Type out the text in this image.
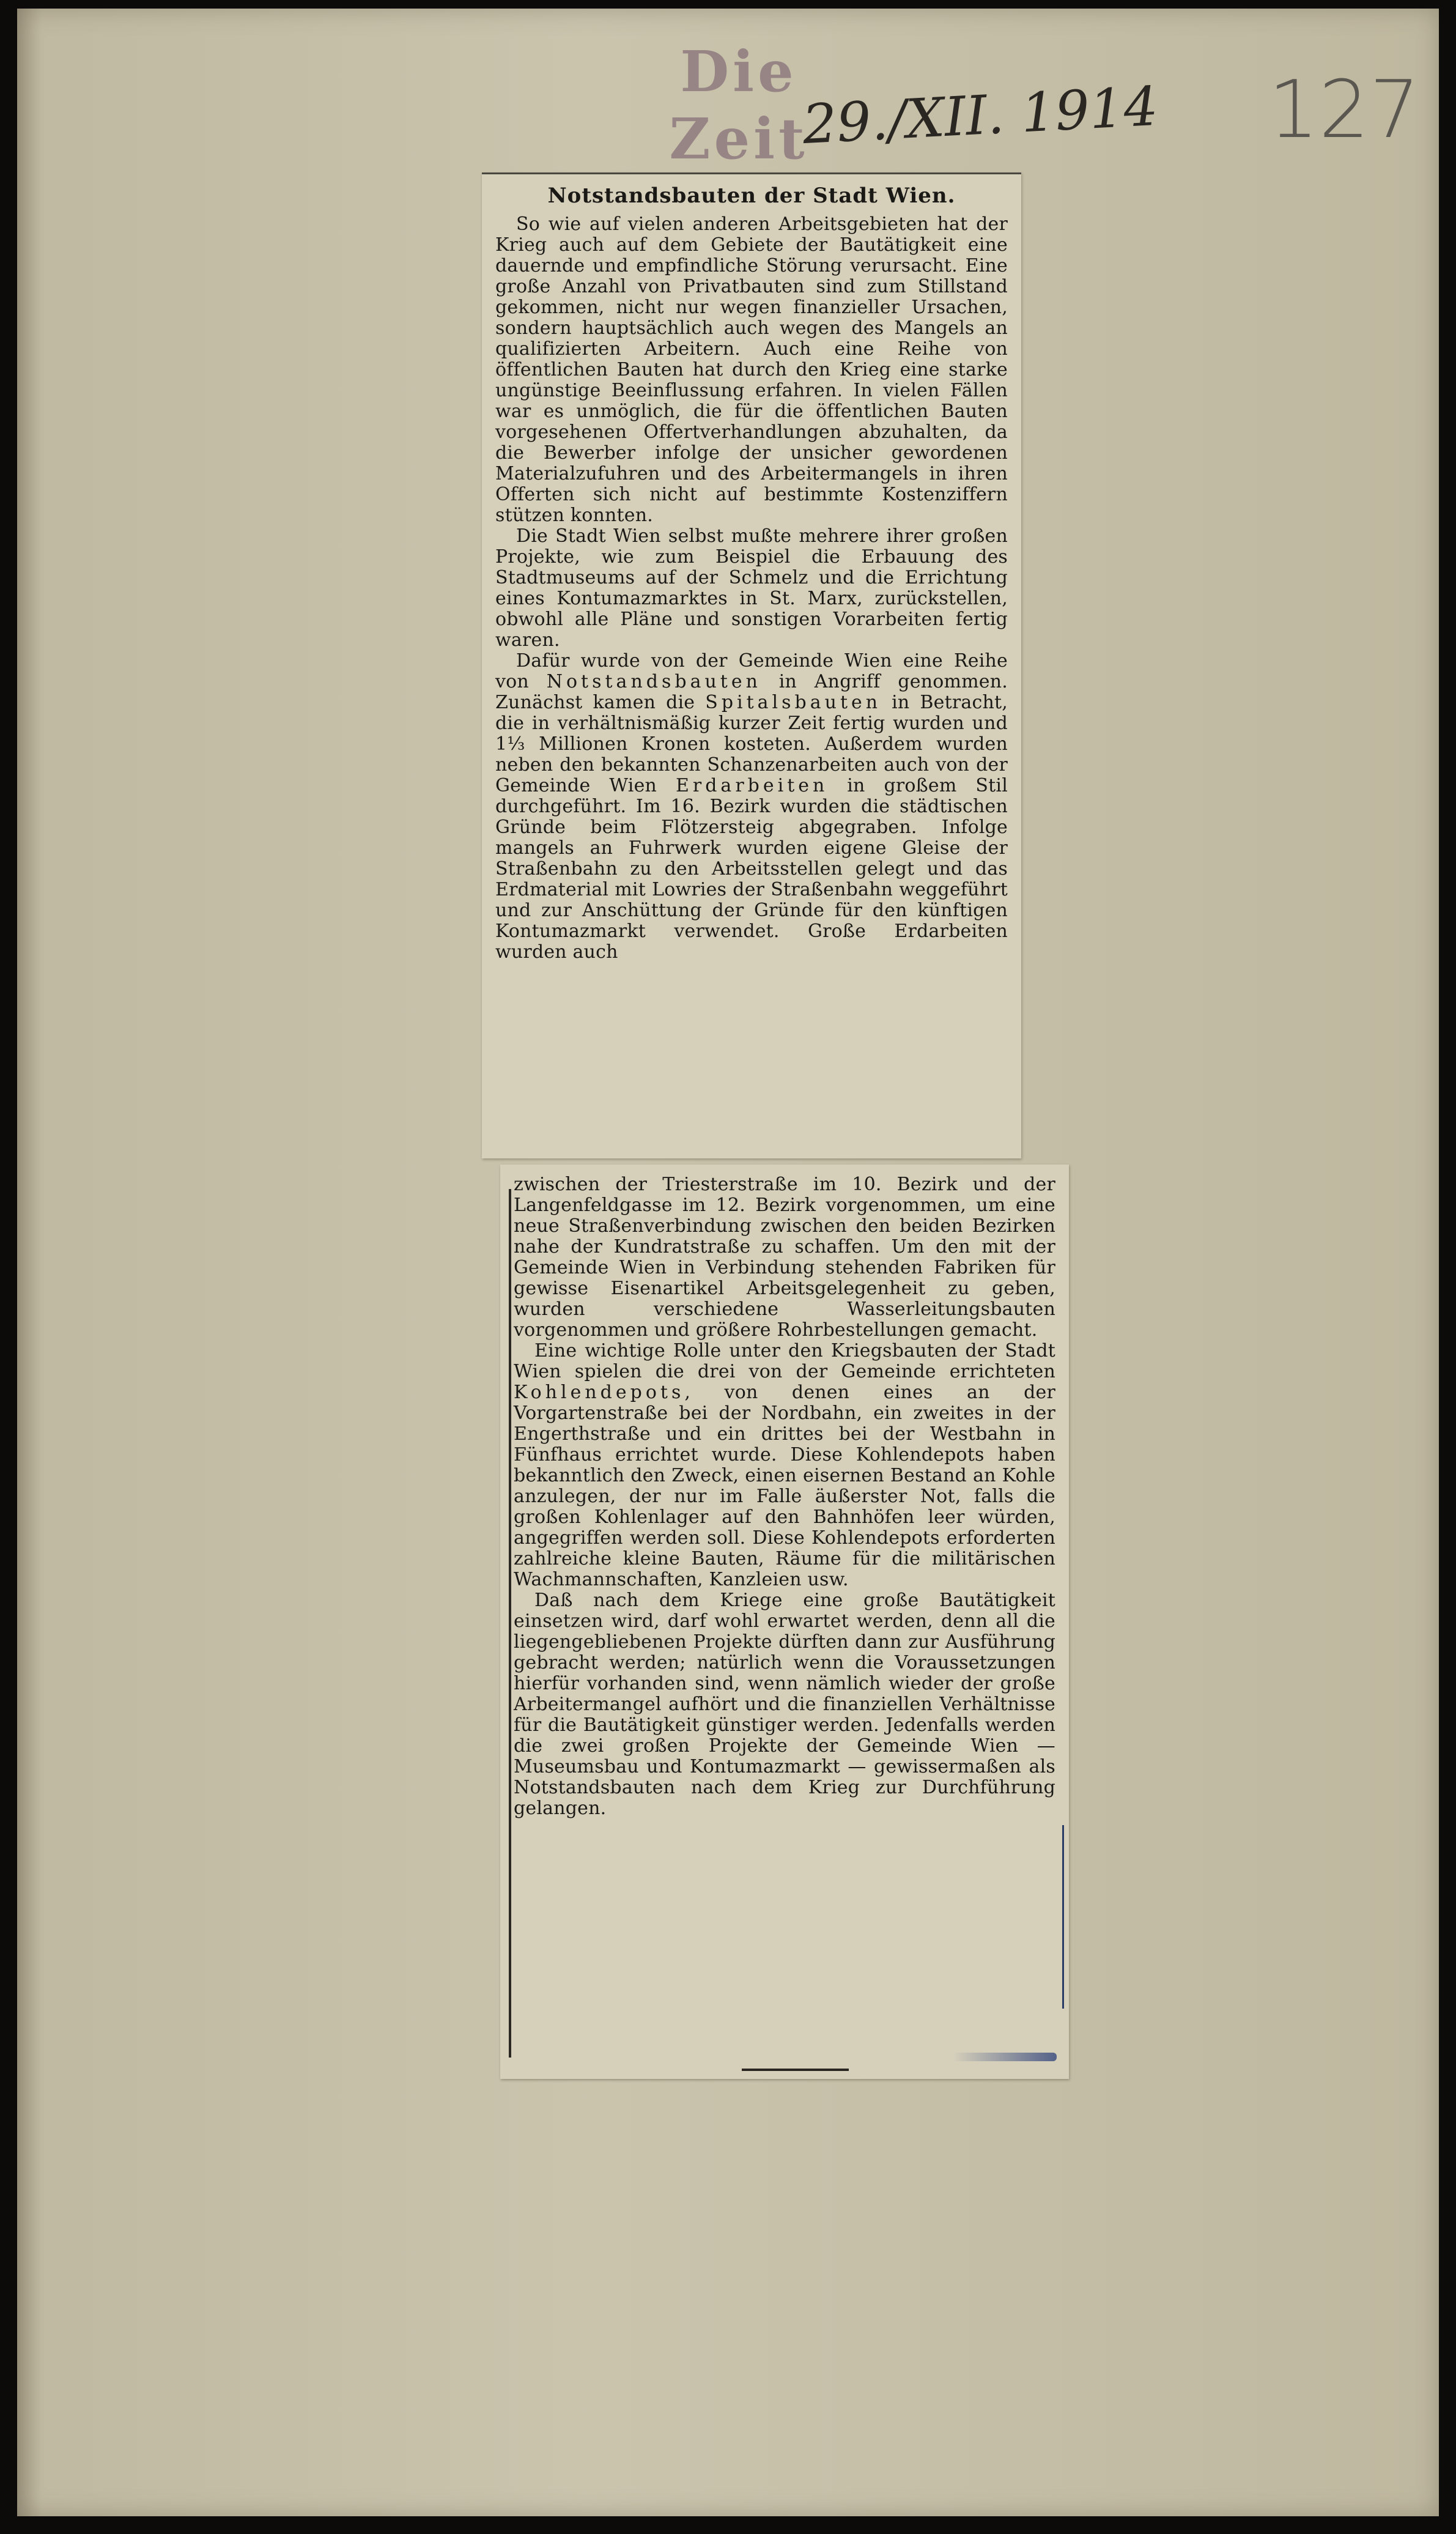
Die Zeit
29./XII. 1914	127
Notstandsbauten der Stadt Wien.

So wie auf vielen anderen Arbeitsgebieten hat der Krieg auch auf dem Gebiete der Bautätigkeit eine dauernde und empfindliche Störung verursacht. Eine große Anzahl von Privatbauten sind zum Stillstand gekommen, nicht nur wegen finanzieller Ursachen, sondern hauptsächlich auch wegen des Mangels an qualifizierten Arbeitern. Auch eine Reihe von öffentlichen Bauten hat durch den Krieg eine starke ungünstige Beeinflussung erfahren. In vielen Fällen war es unmöglich, die für die öffentlichen Bauten vorgesehenen Offertverhandlungen abzuhalten, da die Bewerber infolge der unsicher gewordenen Materialzufuhren und des Arbeitermangels in ihren Offerten sich nicht auf bestimmte Kostenziffern stützen konnten.

Die Stadt Wien selbst mußte mehrere ihrer großen Projekte, wie zum Beispiel die Erbauung des Stadtmuseums auf der Schmelz und die Errichtung eines Kontumazmarktes in St. Marx, zurückstellen, obwohl alle Pläne und sonstigen Vorarbeiten fertig waren.

Dafür wurde von der Gemeinde Wien eine Reihe von Notstandsbauten in Angriff genommen. Zunächst kamen die Spitalsbauten in Betracht, die in verhältnismäßig kurzer Zeit fertig wurden und 1⅓ Millionen Kronen kosteten. Außerdem wurden neben den bekannten Schanzenarbeiten auch von der Gemeinde Wien Erdarbeiten in großem Stil durchgeführt. Im 16. Bezirk wurden die städtischen Gründe beim Flötzersteig abgegraben. Infolge mangels an Fuhrwerk wurden eigene Gleise der Straßenbahn zu den Arbeitsstellen gelegt und das Erdmaterial mit Lowries der Straßenbahn weggeführt und zur Anschüttung der Gründe für den künftigen Kontumazmarkt verwendet. Große Erdarbeiten wurden auch

zwischen der Triesterstraße im 10. Bezirk und der Langenfeldgasse im 12. Bezirk vorgenommen, um eine neue Straßenverbindung zwischen den beiden Bezirken nahe der Kundratstraße zu schaffen. Um den mit der Gemeinde Wien in Verbindung stehenden Fabriken für gewisse Eisenartikel Arbeitsgelegenheit zu geben, wurden verschiedene Wasserleitungsbauten vorgenommen und größere Rohrbestellungen gemacht.

Eine wichtige Rolle unter den Kriegsbauten der Stadt Wien spielen die drei von der Gemeinde errichteten Kohlendepots, von denen eines an der Vorgartenstraße bei der Nordbahn, ein zweites in der Engerthstraße und ein drittes bei der Westbahn in Fünfhaus errichtet wurde. Diese Kohlendepots haben bekanntlich den Zweck, einen eisernen Bestand an Kohle anzulegen, der nur im Falle äußerster Not, falls die großen Kohlenlager auf den Bahnhöfen leer würden, angegriffen werden soll. Diese Kohlendepots erforderten zahlreiche kleine Bauten, Räume für die militärischen Wachmannschaften, Kanzleien usw.

Daß nach dem Kriege eine große Bautätigkeit einsetzen wird, darf wohl erwartet werden, denn all die liegengebliebenen Projekte dürften dann zur Ausführung gebracht werden; natürlich wenn die Voraussetzungen hierfür vorhanden sind, wenn nämlich wieder der große Arbeitermangel aufhört und die finanziellen Verhältnisse für die Bautätigkeit günstiger werden. Jedenfalls werden die zwei großen Projekte der Gemeinde Wien — Museumsbau und Kontumazmarkt — gewissermaßen als Notstandsbauten nach dem Krieg zur Durchführung gelangen.
